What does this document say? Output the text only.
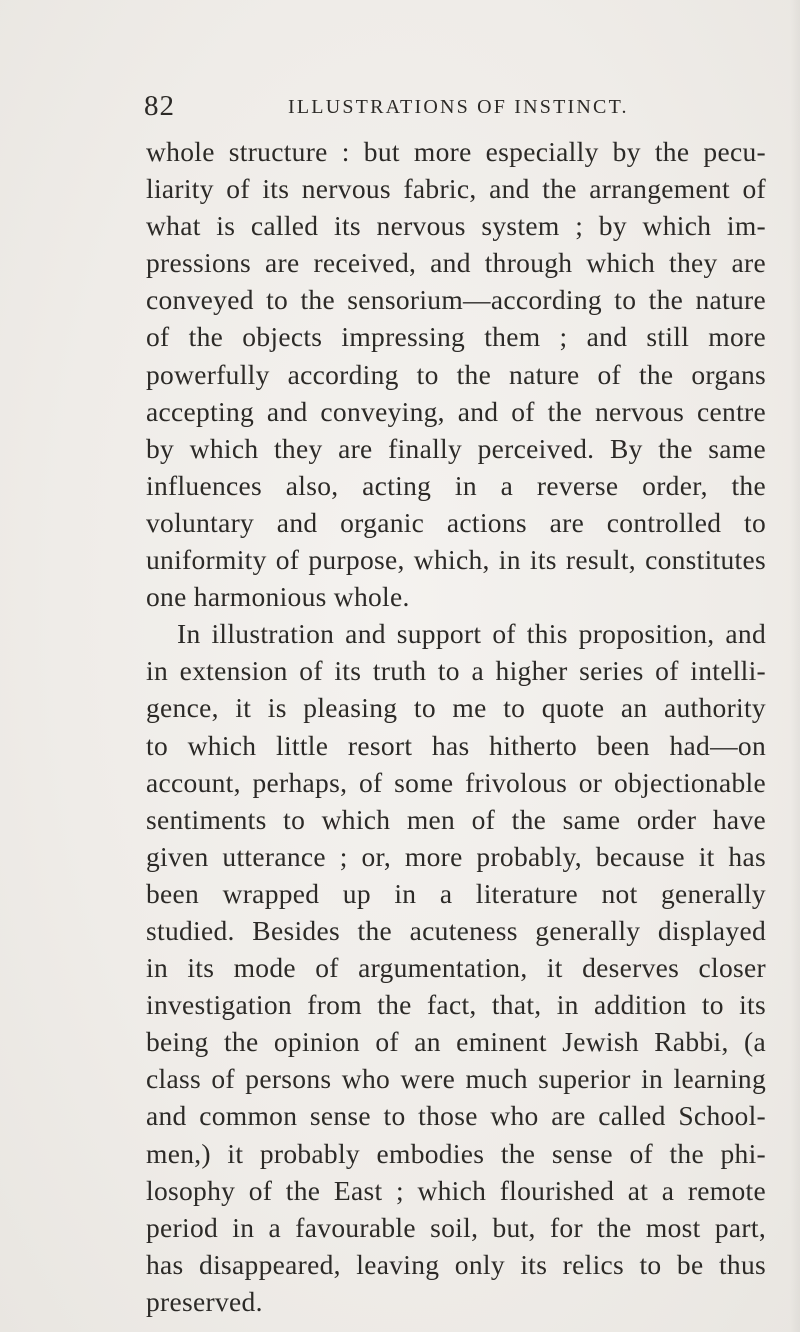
82	ILLUSTRATIONS OF INSTINCT.
whole structure : but more especially by the pecu-
liarity of its nervous fabric, and the arrangement of
what is called its nervous system ; by which im-
pressions are received, and through which they are
conveyed to the sensorium—according to the nature
of the objects impressing them ; and still more
powerfully according to the nature of the organs
accepting and conveying, and of the nervous centre
by which they are finally perceived. By the same
influences also, acting in a reverse order, the
voluntary and organic actions are controlled to
uniformity of purpose, which, in its result, constitutes
one harmonious whole.
In illustration and support of this proposition, and
in extension of its truth to a higher series of intelli-
gence, it is pleasing to me to quote an authority
to which little resort has hitherto been had—on
account, perhaps, of some frivolous or objectionable
sentiments to which men of the same order have
given utterance ; or, more probably, because it has
been wrapped up in a literature not generally
studied. Besides the acuteness generally displayed
in its mode of argumentation, it deserves closer
investigation from the fact, that, in addition to its
being the opinion of an eminent Jewish Rabbi, (a
class of persons who were much superior in learning
and common sense to those who are called School-
men,) it probably embodies the sense of the phi-
losophy of the East ; which flourished at a remote
period in a favourable soil, but, for the most part,
has disappeared, leaving only its relics to be thus
preserved.
